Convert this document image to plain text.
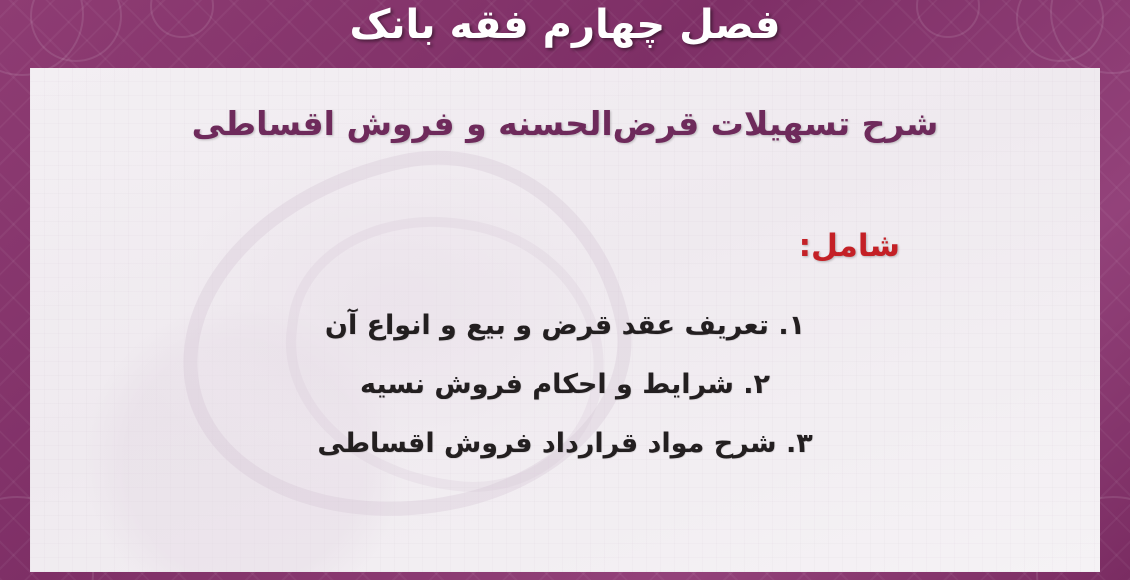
فصل چهارم فقه بانک
شرح تسهیلات قرض‌الحسنه و فروش اقساطی
شامل:
۱. تعریف عقد قرض و بیع و انواع آن
۲. شرایط و احکام فروش نسیه
۳. شرح مواد قرارداد فروش اقساطی
